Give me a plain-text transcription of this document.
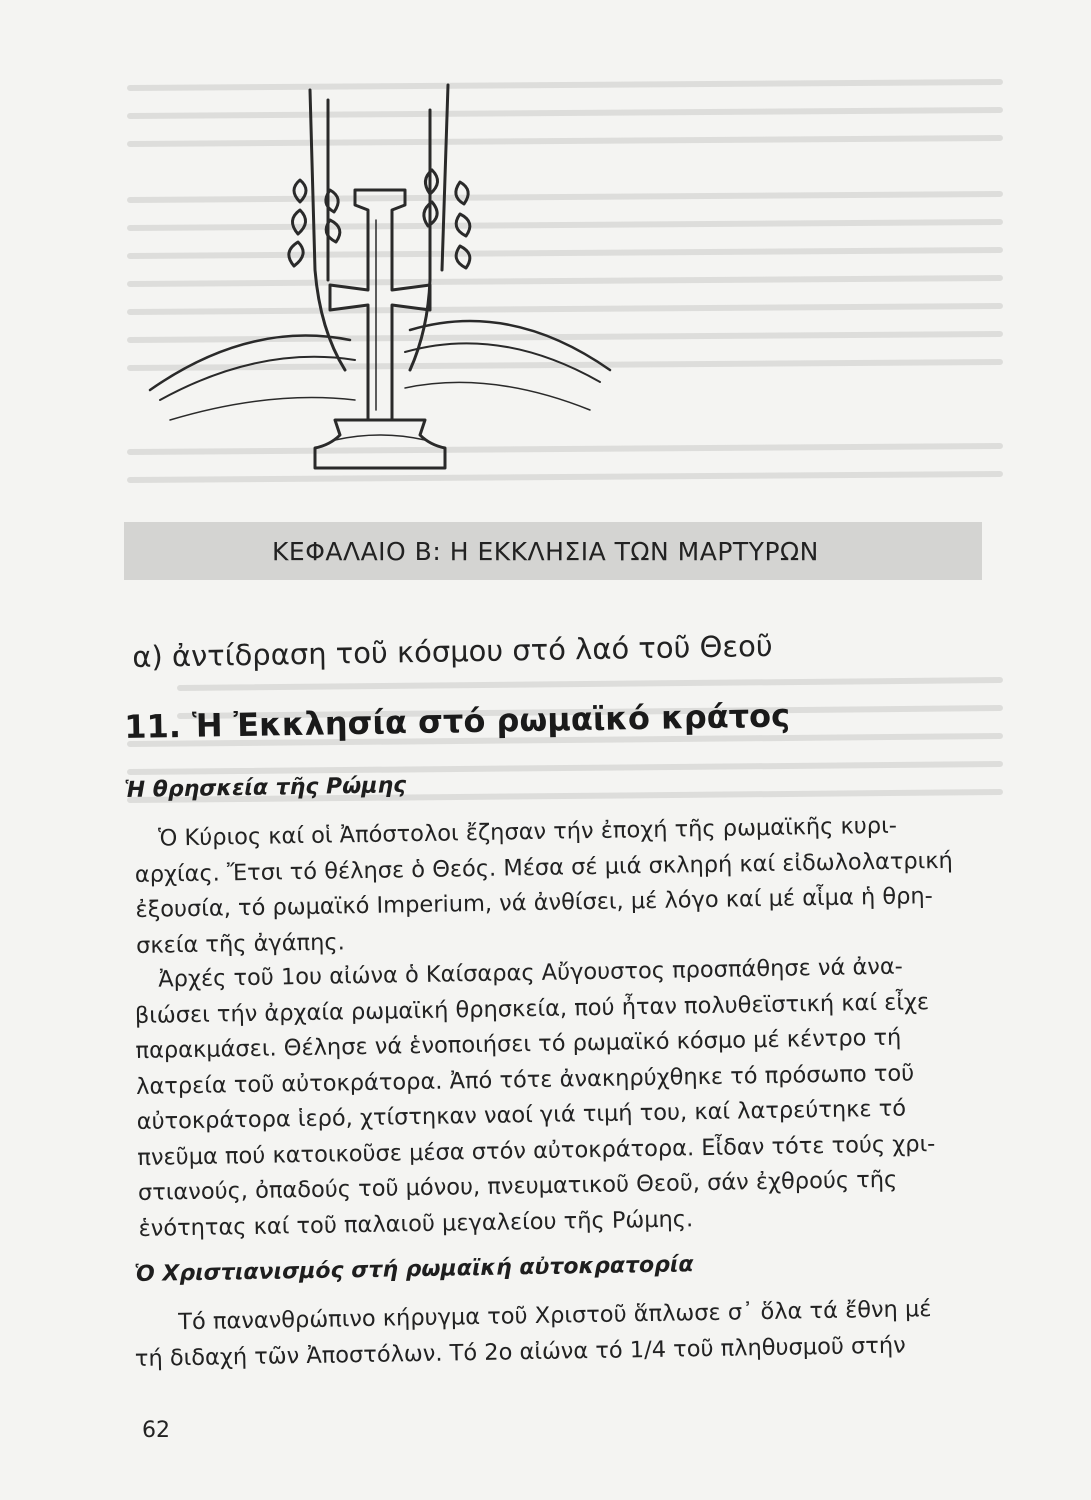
ΚΕΦΑΛΑΙΟ Β: Η ΕΚΚΛΗΣΙΑ ΤΩΝ ΜΑΡΤΥΡΩΝ
α) ἀντίδραση τοῦ κόσμου στό λαό τοῦ Θεοῦ
11. Ἡ Ἐκκλησία στό ρωμαϊκό κράτος
Ἡ θρησκεία τῆς Ρώμης
Ὁ Κύριος καί οἱ Ἀπόστολοι ἔζησαν τήν ἐποχή τῆς ρωμαϊκῆς κυρι-
αρχίας. Ἔτσι τό θέλησε ὁ Θεός. Μέσα σέ μιά σκληρή καί εἰδωλολατρική
ἐξουσία, τό ρωμαϊκό Imperium, νά ἀνθίσει, μέ λόγο καί μέ αἷμα ἡ θρη-
σκεία τῆς ἀγάπης.
Ἀρχές τοῦ 1ου αἰώνα ὁ Καίσαρας Αὔγουστος προσπάθησε νά ἀνα-
βιώσει τήν ἀρχαία ρωμαϊκή θρησκεία, πού ἦταν πολυθεϊστική καί εἶχε
παρακμάσει. Θέλησε νά ἑνοποιήσει τό ρωμαϊκό κόσμο μέ κέντρο τή
λατρεία τοῦ αὐτοκράτορα. Ἀπό τότε ἀνακηρύχθηκε τό πρόσωπο τοῦ
αὐτοκράτορα ἱερό, χτίστηκαν ναοί γιά τιμή του, καί λατρεύτηκε τό
πνεῦμα πού κατοικοῦσε μέσα στόν αὐτοκράτορα. Εἶδαν τότε τούς χρι-
στιανούς, ὀπαδούς τοῦ μόνου, πνευματικοῦ Θεοῦ, σάν ἐχθρούς τῆς
ἑνότητας καί τοῦ παλαιοῦ μεγαλείου τῆς Ρώμης.
Ὁ Χριστιανισμός στή ρωμαϊκή αὐτοκρατορία
Τό πανανθρώπινο κήρυγμα τοῦ Χριστοῦ ἅπλωσε σ᾽ ὅλα τά ἔθνη μέ
τή διδαχή τῶν Ἀποστόλων. Τό 2ο αἰώνα τό 1/4 τοῦ πληθυσμοῦ στήν
62
